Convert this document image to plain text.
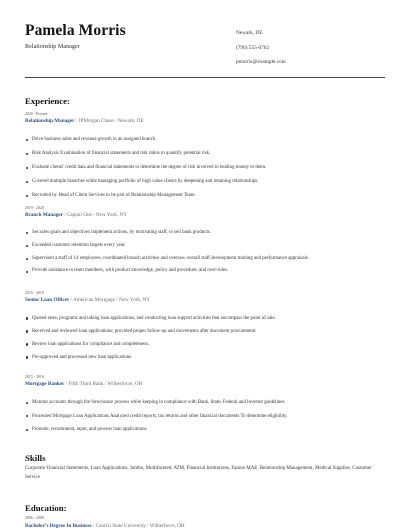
Pamela Morris
Relationship Manager
Newark, DE
(790) 555-0762
pmorris@example.com
Experience:
2020 - Present
Relationship Manager / JPMorgan Chase / Newark, DE
Drive business sales and revenue growth in an assigned branch.
Risk Analysis Examination of financial statements and risk ratios to quantify potential risk.
Evaluate clients' credit data and financial statements to determine the degree of risk involved in lending money to them.
Covered multiple branches while managing portfolio of high value clients by deepening and retaining relationships.
Recruited by Head of Client Services to be part of Relationship Management Team.
2019 - 2020
Branch Manager / Capital One / New York, NY
Set sales goals and objectives implement actions, by motivating staff, to sell bank products.
Exceeded customer retention targets every year.
Supervised a staff of 14 employees, coordinated branch activities and oversaw overall staff development training and performance appraisals.
Provide assistance to team members, with product knowledge, policy and procedure, and over-rides.
2016 - 2019
Senior Loan Officer / American Mortgage / New York, NY
Quoted rates, programs and taking loan applications, and conducting loan support activities that encompass the point of sale.
Received and reviewed loan applications; provided proper follow-up and movements after document procurement.
Review loan applications for compliance and completeness.
Pre-approved and processed new loan applications.
2015 - 2016
Mortgage Banker / Fifth Third Bank / Wilberforce, OH
Monitor accounts through the foreclosure process while keeping in compliance with Bank, State, Federal and Investor guidelines.
Processed Mortgage Loan Applications Analyzed credit reports, tax returns and other financial documents To determine eligibility.
Promote, recommend, input, and process loan applications.
Skills
Corporate Financial Statements, Loan Applications, Jumbo, Multifaceted, ATM, Financial Institutions, Fannie MAE, Relationship Management, Medical Supplies, Customer Service
Education:
2006 - 2009
Bachelor's Degree In Business / Central State University / Wilberforce, OH
